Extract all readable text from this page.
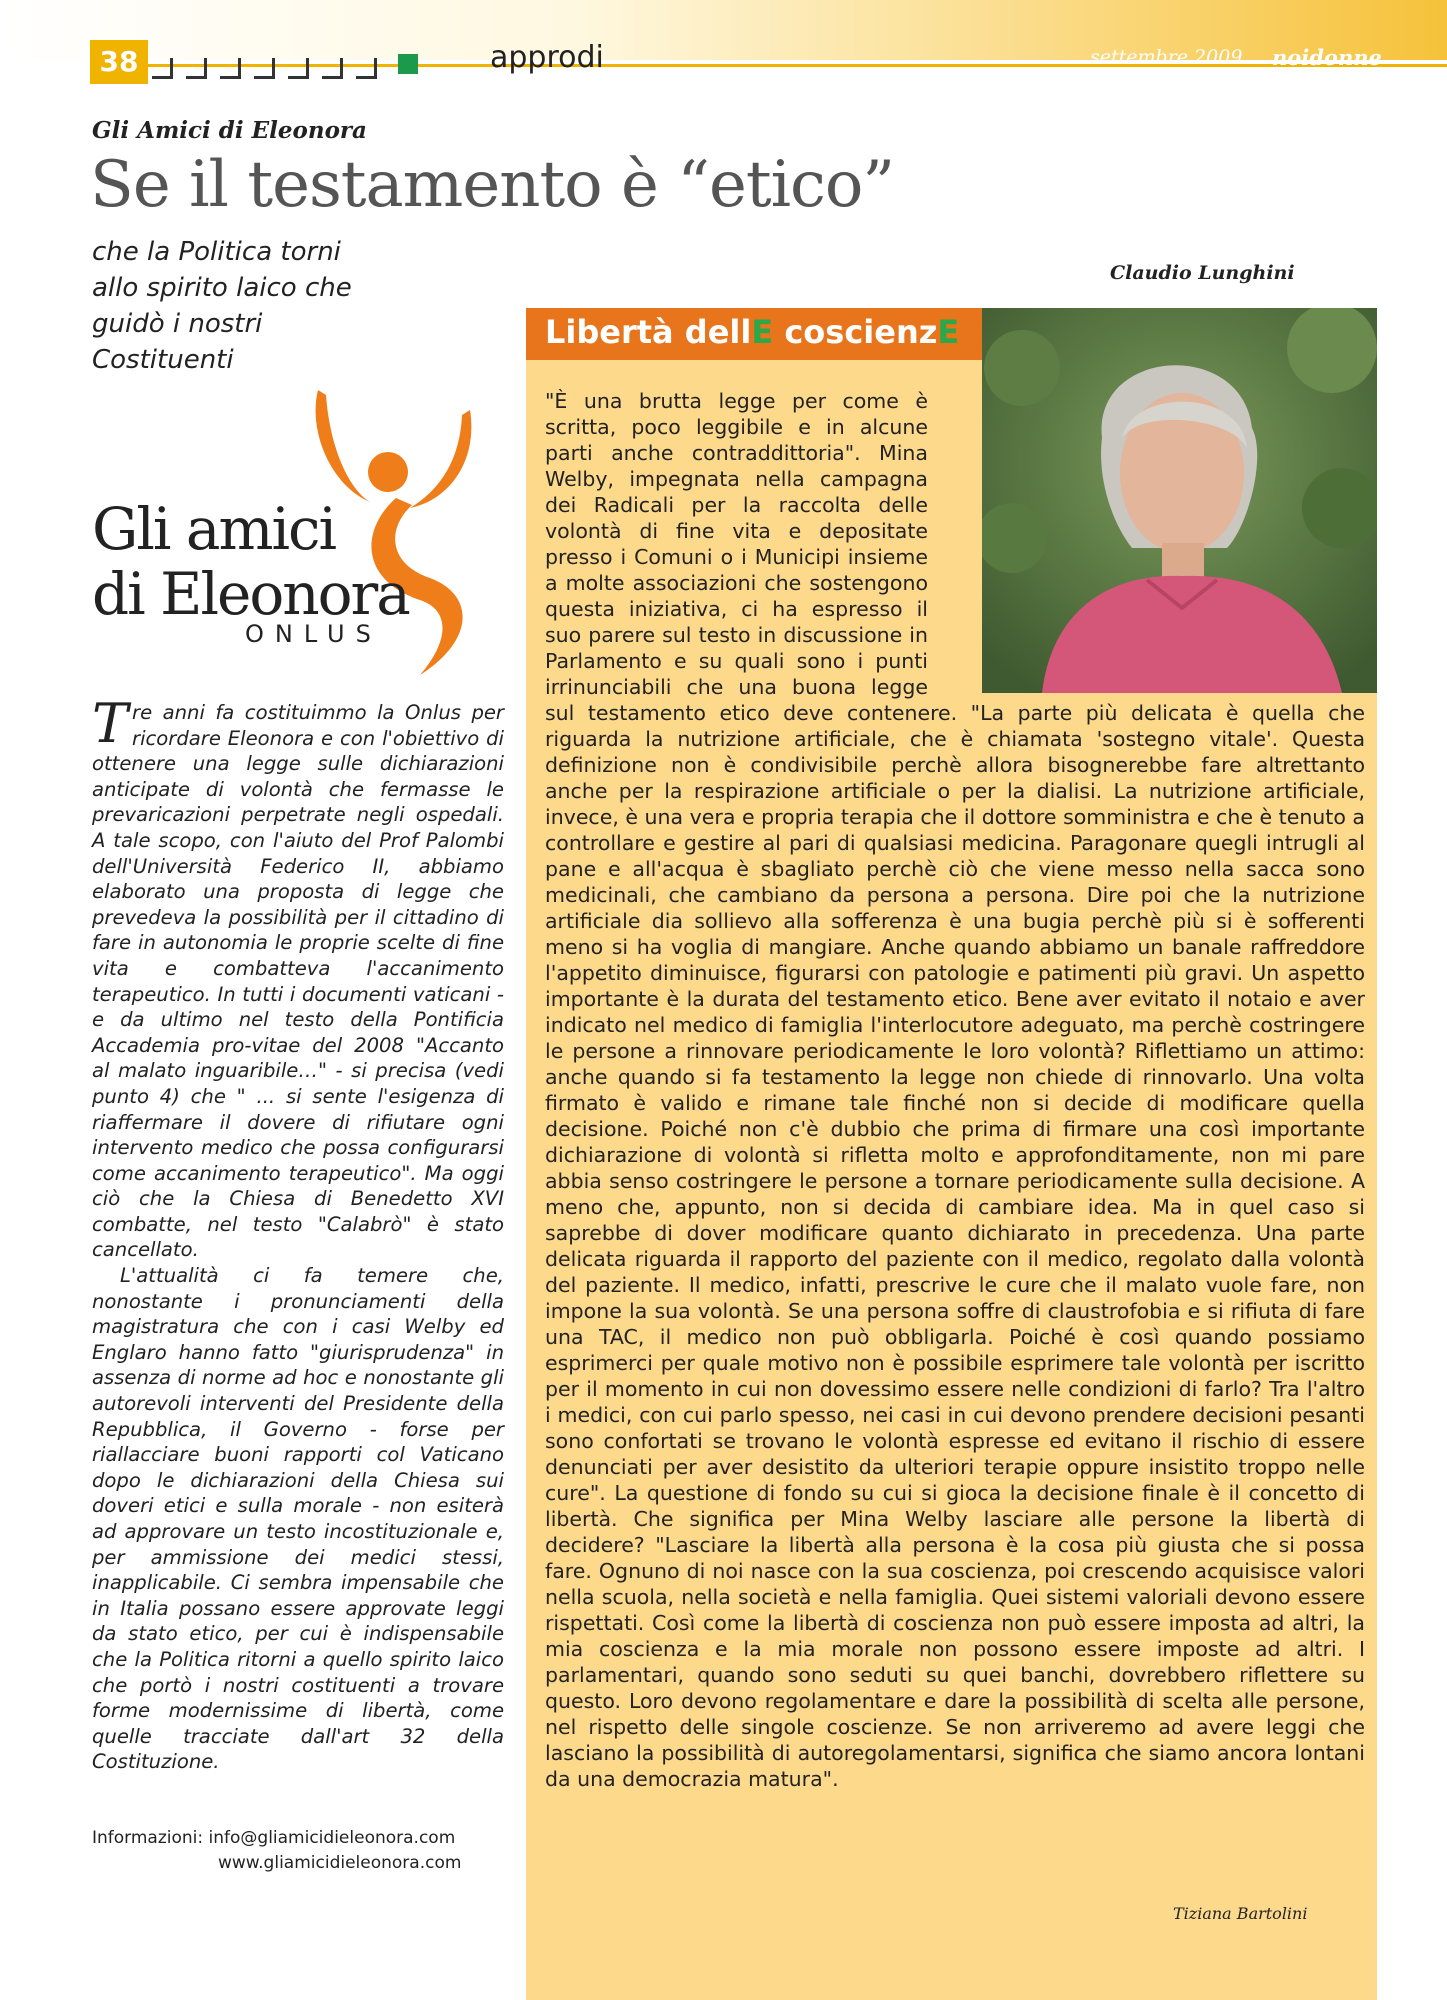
38	approdi	settembre 2009 noidonne
Gli Amici di Eleonora
Se il testamento è “etico”
che la Politica torni allo spirito laico che guidò i nostri Costituenti
Claudio Lunghini
Gli amici
di Eleonora
ONLUS

Tre anni fa costituimmo la Onlus per ricordare Eleonora e con l'obiettivo di ottenere una legge sulle dichiarazioni anticipate di volontà che fermasse le prevaricazioni perpetrate negli ospedali. A tale scopo, con l'aiuto del Prof Palombi dell'Università Federico II, abbiamo elaborato una proposta di legge che prevedeva la possibilità per il cittadino di fare in autonomia le proprie scelte di fine vita e combatteva l'accanimento terapeutico. In tutti i documenti vaticani - e da ultimo nel testo della Pontificia Accademia pro-vitae del 2008 "Accanto al malato inguaribile…" - si precisa (vedi punto 4) che " ... si sente l'esigenza di riaffermare il dovere di rifiutare ogni intervento medico che possa configurarsi come accanimento terapeutico". Ma oggi ciò che la Chiesa di Benedetto XVI combatte, nel testo "Calabrò" è stato cancellato.

L'attualità ci fa temere che, nonostante i pronunciamenti della magistratura che con i casi Welby ed Englaro hanno fatto "giurisprudenza" in assenza di norme ad hoc e nonostante gli autorevoli interventi del Presidente della Repubblica, il Governo - forse per riallacciare buoni rapporti col Vaticano dopo le dichiarazioni della Chiesa sui doveri etici e sulla morale - non esiterà ad approvare un testo incostituzionale e, per ammissione dei medici stessi, inapplicabile. Ci sembra impensabile che in Italia possano essere approvate leggi da stato etico, per cui è indispensabile che la Politica ritorni a quello spirito laico che portò i nostri costituenti a trovare forme modernissime di libertà, come quelle tracciate dall'art 32 della Costituzione.

Informazioni: info@gliamicidieleonora.com
www.gliamicidieleonora.com
Libertà dellE coscienzE

"È una brutta legge per come è scritta, poco leggibile e in alcune parti anche contraddittoria". Mina Welby, impegnata nella campagna dei Radicali per la raccolta delle volontà di fine vita e depositate presso i Comuni o i Municipi insieme a molte associazioni che sostengono questa iniziativa, ci ha espresso il suo parere sul testo in discussione in Parlamento e su quali sono i punti irrinunciabili che una buona legge sul testamento etico deve contenere. "La parte più delicata è quella che riguarda la nutrizione artificiale, che è chiamata 'sostegno vitale'. Questa definizione non è condivisibile perchè allora bisognerebbe fare altrettanto anche per la respirazione artificiale o per la dialisi. La nutrizione artificiale, invece, è una vera e propria terapia che il dottore somministra e che è tenuto a controllare e gestire al pari di qualsiasi medicina. Paragonare quegli intrugli al pane e all'acqua è sbagliato perchè ciò che viene messo nella sacca sono medicinali, che cambiano da persona a persona. Dire poi che la nutrizione artificiale dia sollievo alla sofferenza è una bugia perchè più si è sofferenti meno si ha voglia di mangiare. Anche quando abbiamo un banale raffreddore l'appetito diminuisce, figurarsi con patologie e patimenti più gravi. Un aspetto importante è la durata del testamento etico. Bene aver evitato il notaio e aver indicato nel medico di famiglia l'interlocutore adeguato, ma perchè costringere le persone a rinnovare periodicamente le loro volontà? Riflettiamo un attimo: anche quando si fa testamento la legge non chiede di rinnovarlo. Una volta firmato è valido e rimane tale finché non si decide di modificare quella decisione. Poiché non c'è dubbio che prima di firmare una così importante dichiarazione di volontà si rifletta molto e approfonditamente, non mi pare abbia senso costringere le persone a tornare periodicamente sulla decisione. A meno che, appunto, non si decida di cambiare idea. Ma in quel caso si saprebbe di dover modificare quanto dichiarato in precedenza. Una parte delicata riguarda il rapporto del paziente con il medico, regolato dalla volontà del paziente. Il medico, infatti, prescrive le cure che il malato vuole fare, non impone la sua volontà. Se una persona soffre di claustrofobia e si rifiuta di fare una TAC, il medico non può obbligarla. Poiché è così quando possiamo esprimerci per quale motivo non è possibile esprimere tale volontà per iscritto per il momento in cui non dovessimo essere nelle condizioni di farlo? Tra l'altro i medici, con cui parlo spesso, nei casi in cui devono prendere decisioni pesanti sono confortati se trovano le volontà espresse ed evitano il rischio di essere denunciati per aver desistito da ulteriori terapie oppure insistito troppo nelle cure". La questione di fondo su cui si gioca la decisione finale è il concetto di libertà. Che significa per Mina Welby lasciare alle persone la libertà di decidere? "Lasciare la libertà alla persona è la cosa più giusta che si possa fare. Ognuno di noi nasce con la sua coscienza, poi crescendo acquisisce valori nella scuola, nella società e nella famiglia. Quei sistemi valoriali devono essere rispettati. Così come la libertà di coscienza non può essere imposta ad altri, la mia coscienza e la mia morale non possono essere imposte ad altri. I parlamentari, quando sono seduti su quei banchi, dovrebbero riflettere su questo. Loro devono regolamentare e dare la possibilità di scelta alle persone, nel rispetto delle singole coscienze. Se non arriveremo ad avere leggi che lasciano la possibilità di autoregolamentarsi, significa che siamo ancora lontani da una democrazia matura".

Tiziana Bartolini
